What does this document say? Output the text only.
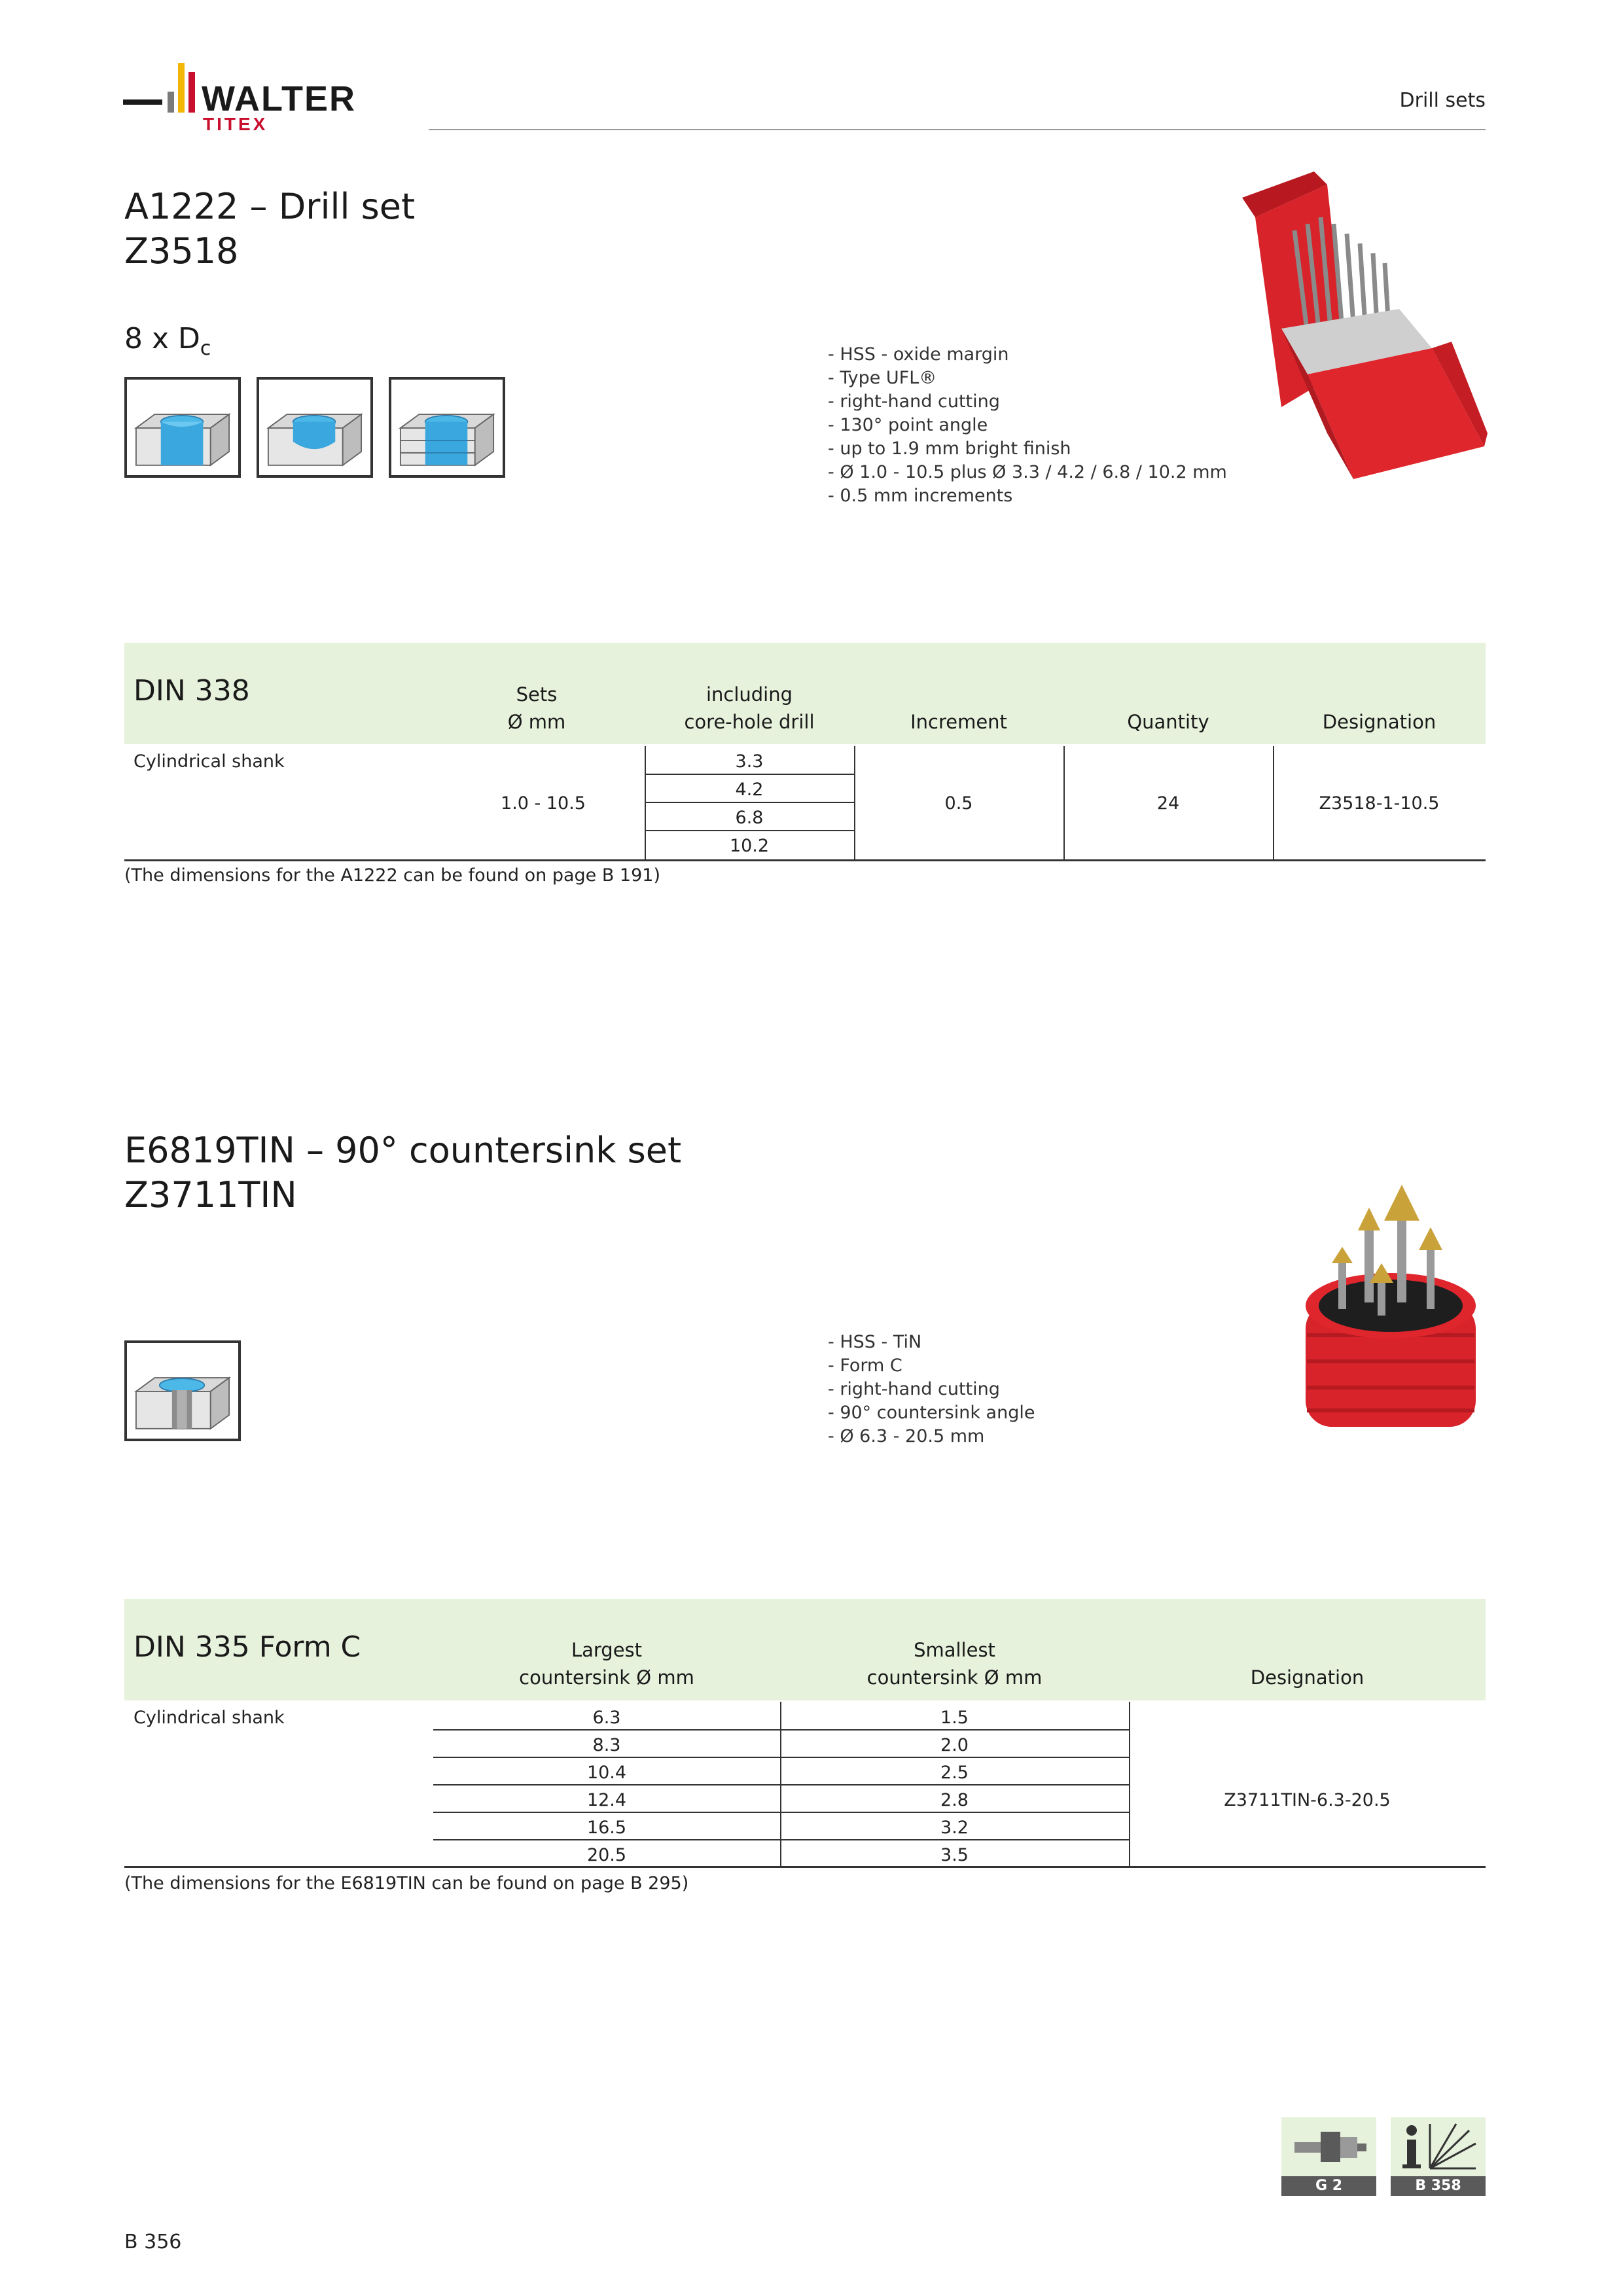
WALTER
TITEX
Drill sets
A1222 – Drill set
Z3518
8 x $D_c$
-	HSS - oxide margin
- Type UFL®
- right-hand cutting
- 130° point angle
- up to 1.9 mm bright finish
- Ø 1.0 - 10.5 plus Ø 3.3 / 4.2 / 6.8 / 10.2 mm
- 0.5 mm increments
DIN 338	Sets
Ø mm
including
core-hole drill	Increment	Quantity	Designation
Cylindrical shank
1.0 - 10.5
3.3
4.2
6.8
10.2
0.5	24	Z3518-1-10.5
(The dimensions for the A1222 can be found on page B 191)
E6819TIN – 90° countersink set
Z3711TIN
- HSS - TiN
- Form C
- right-hand cutting
- 90° countersink angle
- Ø 6.3 - 20.5 mm
DIN 335 Form C	Largest
countersink Ø mm
Smallest
countersink Ø mm	Designation
Cylindrical shank	6.3
8.3
10.4
12.4
16.5
20.5
1.5
2.0
2.5
2.8
3.2
3.5
Z3711TIN-6.3-20.5
(The dimensions for the E6819TIN can be found on page B 295)
G 2	B 358
B 356
